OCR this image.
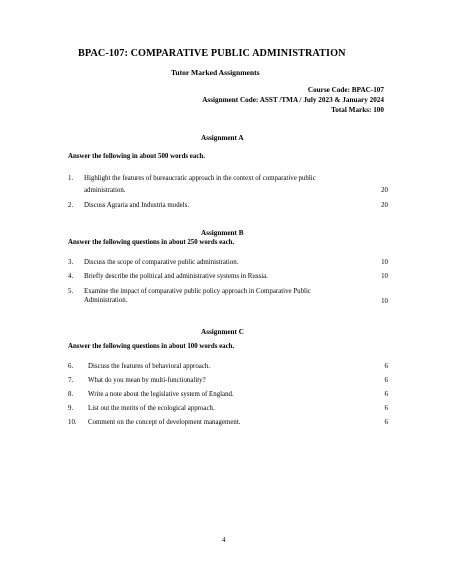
BPAC-107: COMPARATIVE PUBLIC ADMINISTRATION
Tutor Marked Assignments
Course Code: BPAC-107
Assignment Code: ASST /TMA / July 2023 & January 2024
Total Marks: 100
Assignment A
Answer the following in about 500 words each.
1. Highlight the features of bureaucratic approach in the context of comparative public
administration.	20
2. Discuss Agraria and Industria models.	20
Assignment B
Answer the following questions in about 250 words each.
3. Discuss the scope of comparative public administration.	10
4. Briefly describe the political and administrative systems in Russia.	10
5. Examine the impact of comparative public policy approach in Comparative Public
Administration.	10
Assignment C
Answer the following questions in about 100 words each.
6. Discuss the features of behavioral approach.	6
7. What do you mean by multi-functionality?	6
8. Write a note about the legislative system of England.	6
9. List out the merits of the ecological approach.	6
10. Comment on the concept of development management.	6
4
